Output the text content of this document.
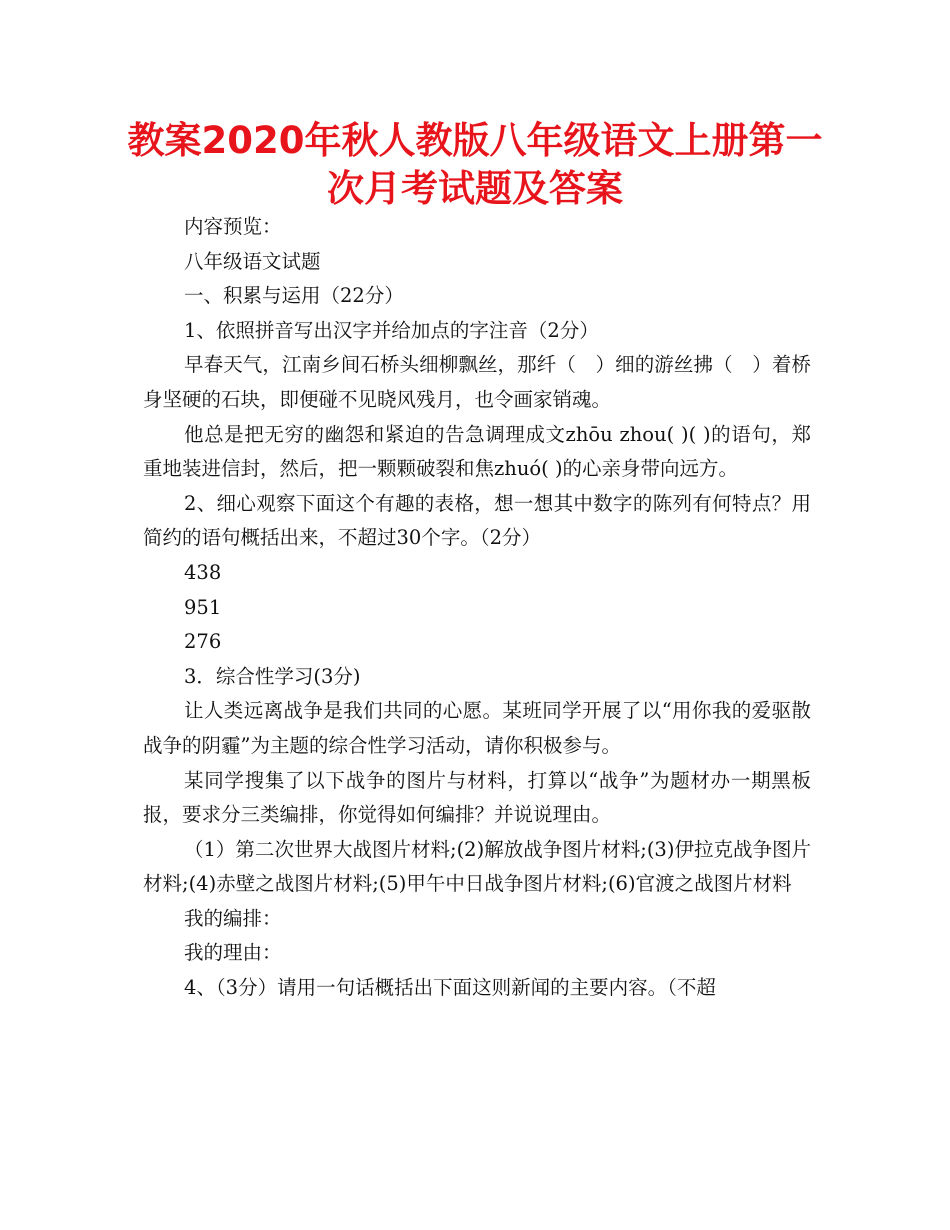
教案2020年秋人教版八年级语文上册第一
次月考试题及答案

内容预览：

八年级语文试题

一、积累与运用（22分）

1、依照拼音写出汉字并给加点的字注音（2分）

早春天气，江南乡间石桥头细柳飘丝，那纤（　）细的游丝拂（　）着桥身坚硬的石块，即便碰不见晓风残月，也令画家销魂。

他总是把无穷的幽怨和紧迫的告急调理成文zhōu zhou( )( )的语句，郑重地装进信封，然后，把一颗颗破裂和焦zhuó( )的心亲身带向远方。

2、细心观察下面这个有趣的表格，想一想其中数字的陈列有何特点？用简约的语句概括出来，不超过30个字。（2分）

438

951

276

3．综合性学习(3分)

让人类远离战争是我们共同的心愿。某班同学开展了以“用你我的爱驱散战争的阴霾”为主题的综合性学习活动，请你积极参与。

某同学搜集了以下战争的图片与材料，打算以“战争”为题材办一期黑板报，要求分三类编排，你觉得如何编排？并说说理由。

（1）第二次世界大战图片材料;(2)解放战争图片材料;(3)伊拉克战争图片材料;(4)赤壁之战图片材料;(5)甲午中日战争图片材料;(6)官渡之战图片材料

我的编排：

我的理由：

4、（3分）请用一句话概括出下面这则新闻的主要内容。（不超
